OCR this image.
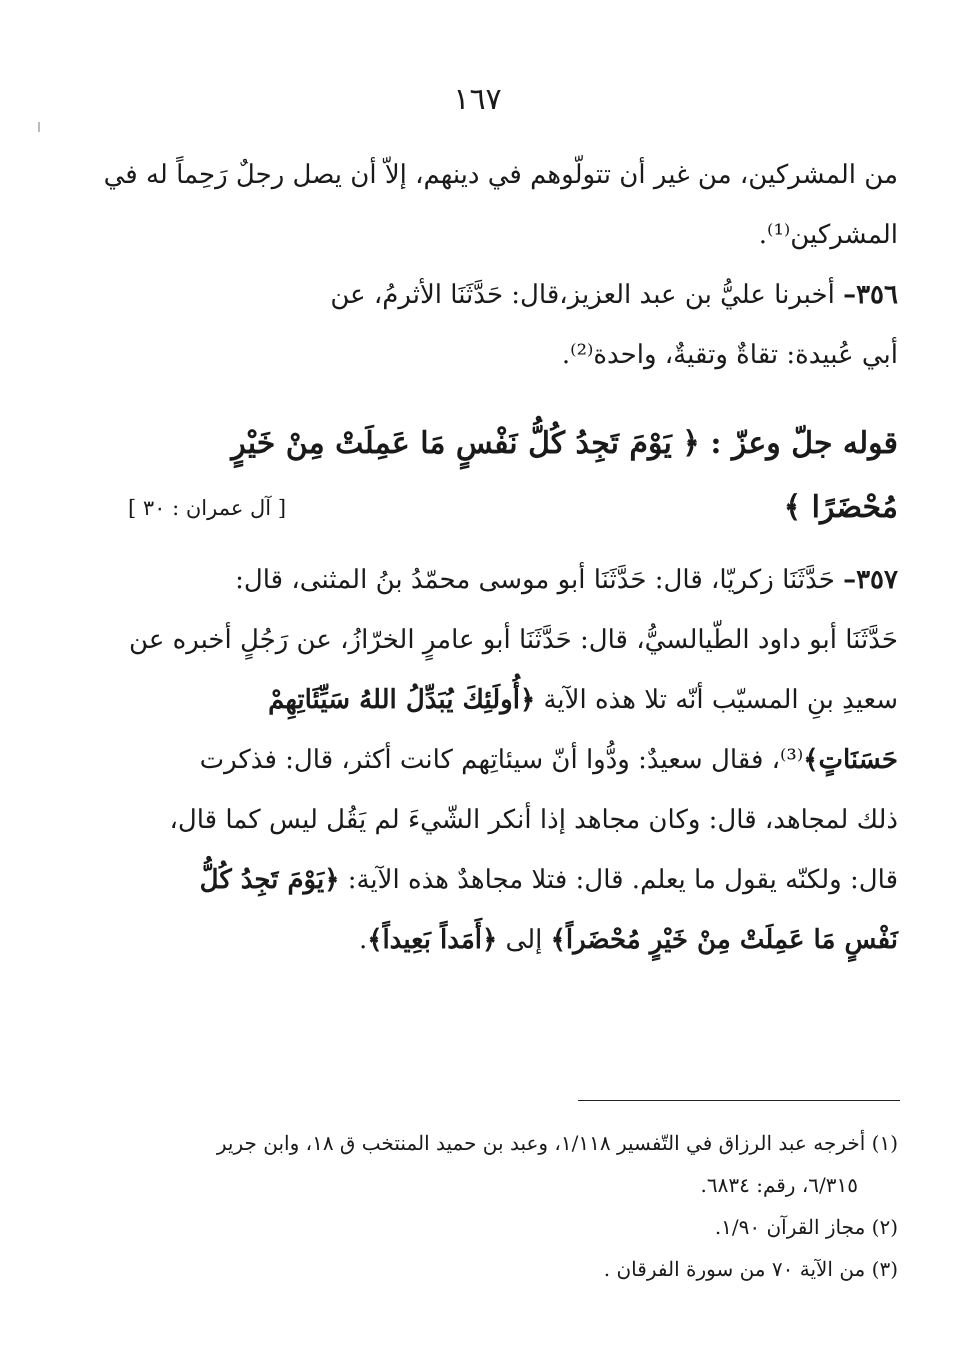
١٦٧
من المشركين، من غير أن تتولّوهم في دينهم، إلاّ أن يصل رجلٌ رَحِماً له في
المشركين⁽¹⁾.
٣٥٦– أخبرنا عليُّ بن عبد العزيز،قال: حَدَّثَنَا الأثرمُ، عن
أبي عُبيدة: تقاةٌ وتقيةٌ، واحدة⁽²⁾.
قوله جلّ وعزّ : ﴿ يَوْمَ تَجِدُ كُلُّ نَفْسٍ مَا عَمِلَتْ مِنْ خَيْرٍ
مُحْضَرًا ﴾
[ آل عمران : ٣٠ ]
٣٥٧– حَدَّثَنَا زكريّا، قال: حَدَّثَنَا أبو موسى محمّدُ بنُ المثنى، قال:
حَدَّثَنَا أبو داود الطّيالسيُّ، قال: حَدَّثَنَا أبو عامرٍ الخرّازُ، عن رَجُلٍ أخبره عن
سعيدِ بنِ المسيّب أنّه تلا هذه الآية ﴿أُولَئِكَ يُبَدِّلُ اللهُ سَيِّئَاتِهِمْ
حَسَنَاتٍ﴾⁽³⁾، فقال سعيدٌ: ودُّوا أنّ سيئاتِهم كانت أكثر، قال: فذكرت
ذلك لمجاهد، قال: وكان مجاهد إذا أنكر الشّيءَ لم يَقُل ليس كما قال،
قال: ولكنّه يقول ما يعلم. قال: فتلا مجاهدٌ هذه الآية: ﴿يَوْمَ تَجِدُ كُلُّ
نَفْسٍ مَا عَمِلَتْ مِنْ خَيْرٍ مُحْضَراً﴾ إلى ﴿أَمَداً بَعِيداً﴾.
(١) أخرجه عبد الرزاق في التّفسير ١/١١٨، وعبد بن حميد المنتخب ق ١٨، وابن جرير
٦/٣١٥، رقم: ٦٨٣٤.
(٢) مجاز القرآن ١/٩٠.
(٣) من الآية ٧٠ من سورة الفرقان .
